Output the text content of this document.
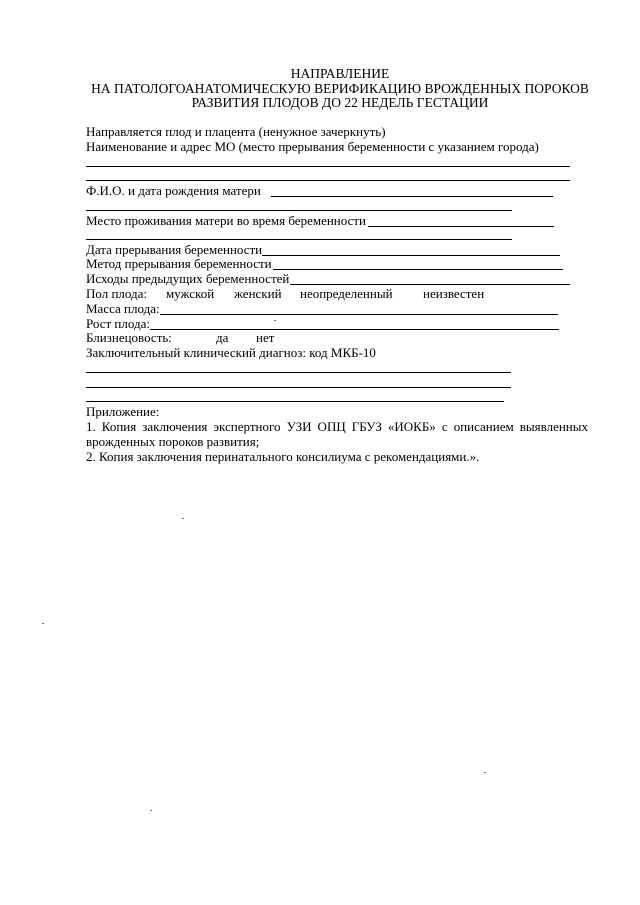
НАПРАВЛЕНИЕ
НА ПАТОЛОГОАНАТОМИЧЕСКУЮ ВЕРИФИКАЦИЮ ВРОЖДЕННЫХ ПОРОКОВ
РАЗВИТИЯ ПЛОДОВ ДО 22 НЕДЕЛЬ ГЕСТАЦИИ
Направляется плод и плацента (ненужное зачеркнуть)
Наименование и адрес МО (место прерывания беременности с указанием города)
Ф.И.О. и дата рождения матери
Место проживания матери во время беременности
Дата прерывания беременности
Метод прерывания беременности
Исходы предыдущих беременностей
Пол плода: мужской женский неопределенный неизвестен
Масса плода:
Рост плода:
Близнецовость:	да нет
Заключительный клинический диагноз: код МКБ-10
Приложение:
1. Копия заключения экспертного УЗИ ОПЦ ГБУЗ «ИОКБ» с описанием выявленных
врожденных пороков развития;
2. Копия заключения перинатального консилиума с рекомендациями.».
